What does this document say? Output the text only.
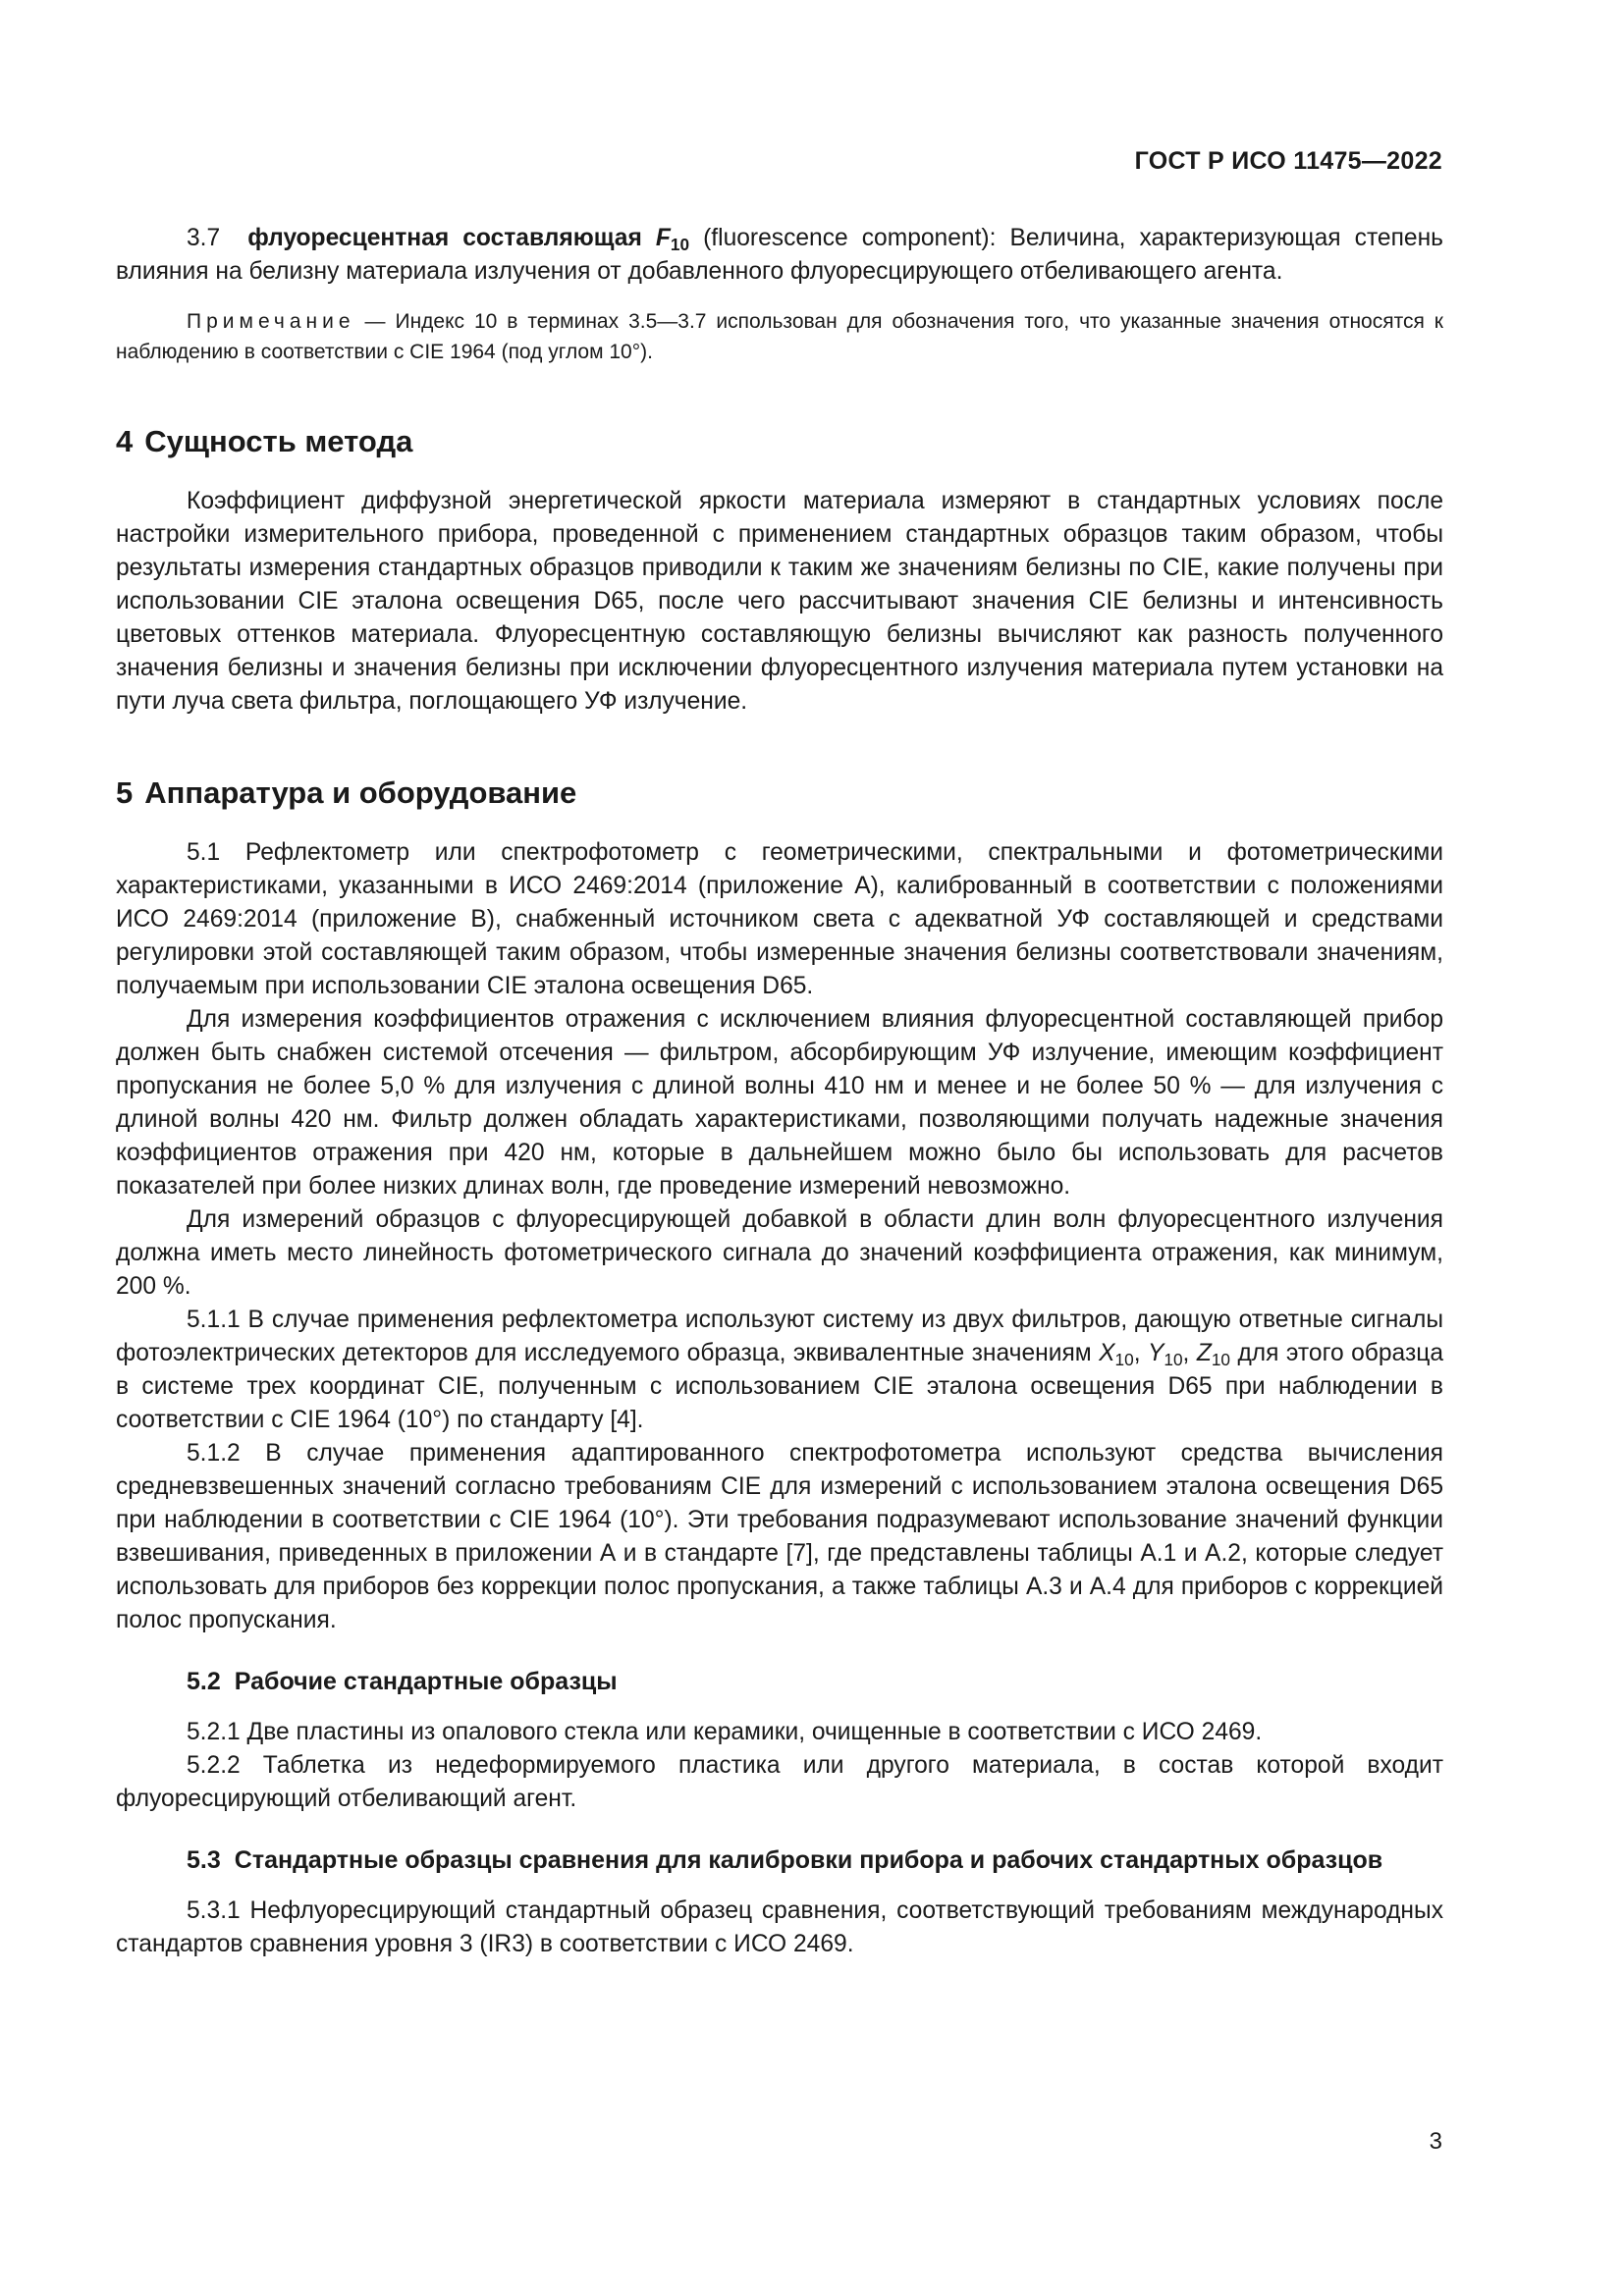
ГОСТ Р ИСО 11475—2022

3.7 флуоресцентная составляющая $F_{10}$ (fluorescence component): Величина, характеризующая степень влияния на белизну материала излучения от добавленного флуоресцирующего отбеливающего агента.

Примечание — Индекс 10 в терминах 3.5—3.7 использован для обозначения того, что указанные значения относятся к наблюдению в соответствии с CIE 1964 (под углом 10°).

4 Сущность метода

Коэффициент диффузной энергетической яркости материала измеряют в стандартных условиях после настройки измерительного прибора, проведенной с применением стандартных образцов таким образом, чтобы результаты измерения стандартных образцов приводили к таким же значениям белизны по CIE, какие получены при использовании CIE эталона освещения D65, после чего рассчитывают значения CIE белизны и интенсивность цветовых оттенков материала. Флуоресцентную составляющую белизны вычисляют как разность полученного значения белизны и значения белизны при исключении флуоресцентного излучения материала путем установки на пути луча света фильтра, поглощающего УФ излучение.

5 Аппаратура и оборудование

5.1 Рефлектометр или спектрофотометр с геометрическими, спектральными и фотометрическими характеристиками, указанными в ИСО 2469:2014 (приложение А), калиброванный в соответствии с положениями ИСО 2469:2014 (приложение В), снабженный источником света с адекватной УФ составляющей и средствами регулировки этой составляющей таким образом, чтобы измеренные значения белизны соответствовали значениям, получаемым при использовании CIE эталона освещения D65.

Для измерения коэффициентов отражения с исключением влияния флуоресцентной составляющей прибор должен быть снабжен системой отсечения — фильтром, абсорбирующим УФ излучение, имеющим коэффициент пропускания не более 5,0 % для излучения с длиной волны 410 нм и менее и не более 50 % — для излучения с длиной волны 420 нм. Фильтр должен обладать характеристиками, позволяющими получать надежные значения коэффициентов отражения при 420 нм, которые в дальнейшем можно было бы использовать для расчетов показателей при более низких длинах волн, где проведение измерений невозможно.

Для измерений образцов с флуоресцирующей добавкой в области длин волн флуоресцентного излучения должна иметь место линейность фотометрического сигнала до значений коэффициента отражения, как минимум, 200 %.

5.1.1 В случае применения рефлектометра используют систему из двух фильтров, дающую ответные сигналы фотоэлектрических детекторов для исследуемого образца, эквивалентные значениям $X_{10}$, $Y_{10}$, $Z_{10}$ для этого образца в системе трех координат CIE, полученным с использованием CIE эталона освещения D65 при наблюдении в соответствии с CIE 1964 (10°) по стандарту [4].

5.1.2 В случае применения адаптированного спектрофотометра используют средства вычисления средневзвешенных значений согласно требованиям CIE для измерений с использованием эталона освещения D65 при наблюдении в соответствии с CIE 1964 (10°). Эти требования подразумевают использование значений функции взвешивания, приведенных в приложении А и в стандарте [7], где представлены таблицы А.1 и А.2, которые следует использовать для приборов без коррекции полос пропускания, а также таблицы А.3 и А.4 для приборов с коррекцией полос пропускания.

5.2 Рабочие стандартные образцы

5.2.1 Две пластины из опалового стекла или керамики, очищенные в соответствии с ИСО 2469.

5.2.2 Таблетка из недеформируемого пластика или другого материала, в состав которой входит флуоресцирующий отбеливающий агент.

5.3 Стандартные образцы сравнения для калибровки прибора и рабочих стандартных образцов

5.3.1 Нефлуоресцирующий стандартный образец сравнения, соответствующий требованиям международных стандартов сравнения уровня 3 (IR3) в соответствии с ИСО 2469.

3
